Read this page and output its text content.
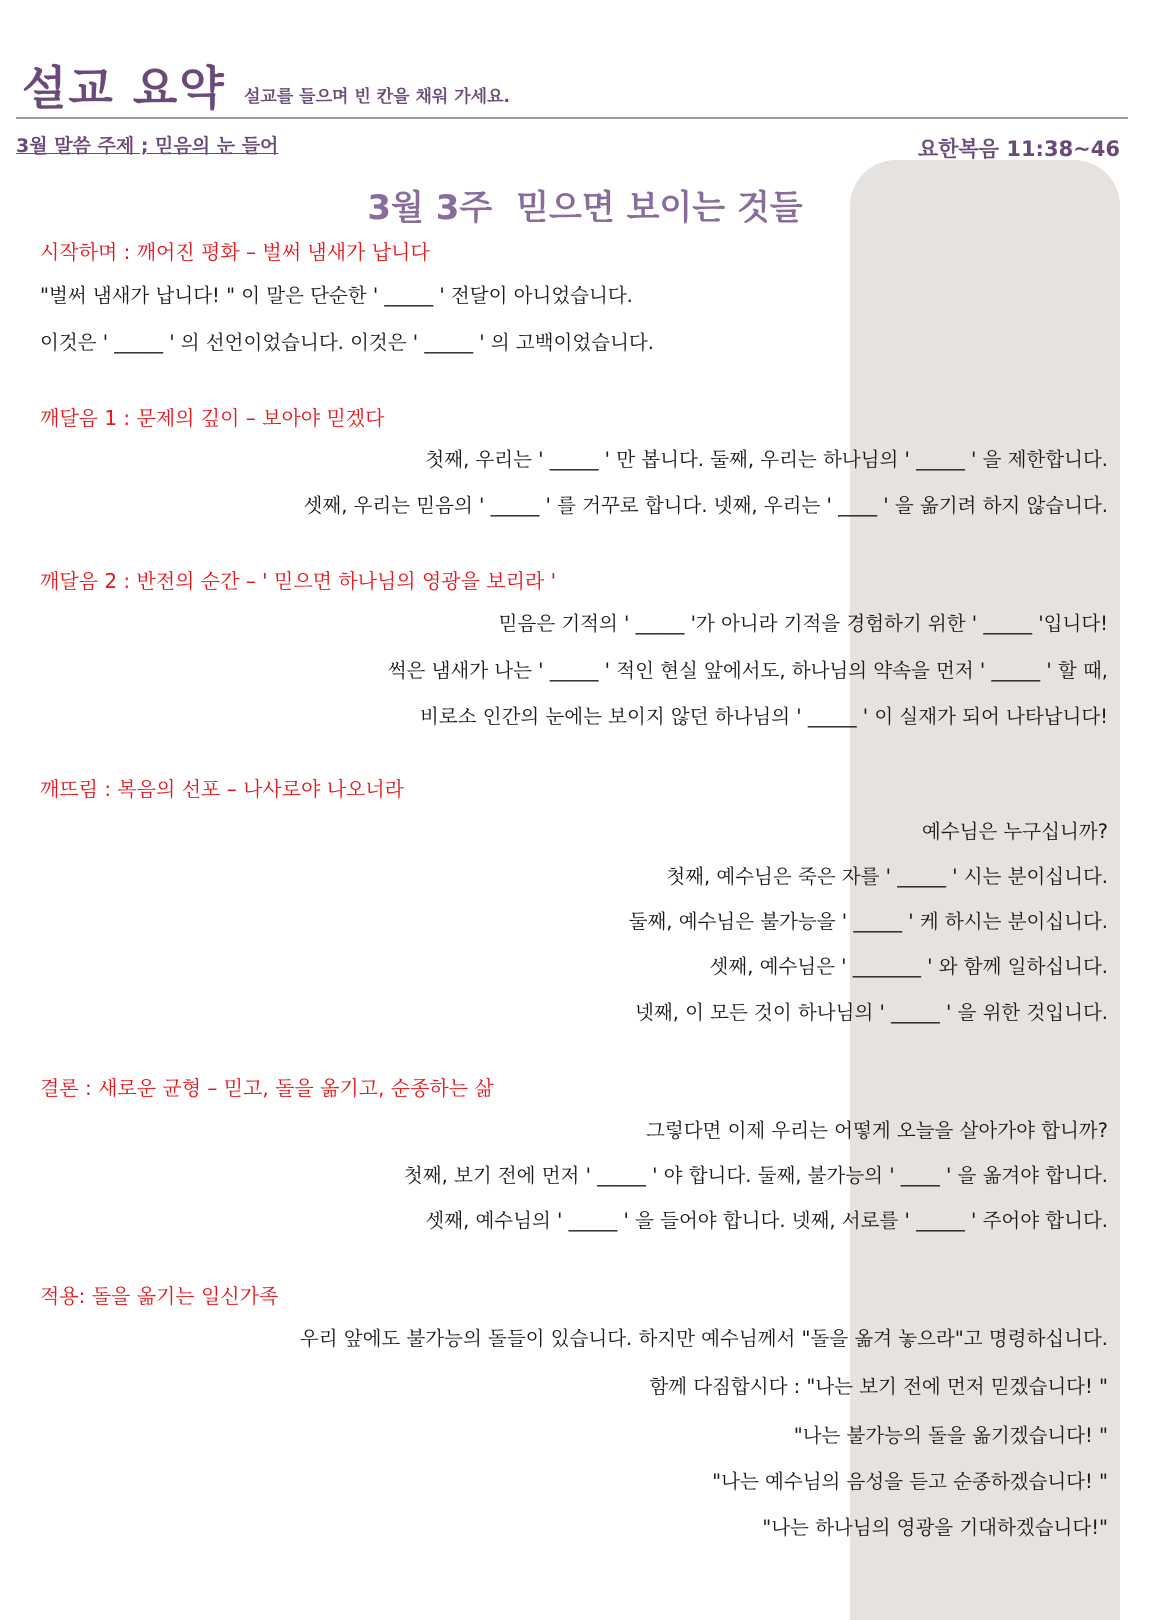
설교 요약 설교를 들으며 빈 칸을 채워 가세요.
3월 말씀 주제 ; 믿음의 눈 들어	요한복음 11:38~46
3월 3주 믿으면 보이는 것들
시작하며 : 깨어진 평화 – 벌써 냄새가 납니다
"벌써 냄새가 납니다! " 이 말은 단순한 ' _____ ' 전달이 아니었습니다.
이것은 ' _____ ' 의 선언이었습니다. 이것은 ' _____ ' 의 고백이었습니다.
깨달음 1 : 문제의 깊이 – 보아야 믿겠다
첫째, 우리는 ' _____ ' 만 봅니다. 둘째, 우리는 하나님의 ' _____ ' 을 제한합니다.
셋째, 우리는 믿음의 ' _____ ' 를 거꾸로 합니다. 넷째, 우리는 ' ____ ' 을 옮기려 하지 않습니다.
깨달음 2 : 반전의 순간 – ' 믿으면 하나님의 영광을 보리라 '
믿음은 기적의 ' _____ '가 아니라 기적을 경험하기 위한 ' _____ '입니다!
썩은 냄새가 나는 ' _____ ' 적인 현실 앞에서도, 하나님의 약속을 먼저 ' _____ ' 할 때,
비로소 인간의 눈에는 보이지 않던 하나님의 ' _____ ' 이 실재가 되어 나타납니다!
깨뜨림 : 복음의 선포 – 나사로야 나오너라
예수님은 누구십니까?
첫째, 예수님은 죽은 자를 ' _____ ' 시는 분이십니다.
둘째, 예수님은 불가능을 ' _____ ' 케 하시는 분이십니다.
셋째, 예수님은 ' _______ ' 와 함께 일하십니다.
넷째, 이 모든 것이 하나님의 ' _____ ' 을 위한 것입니다.
결론 : 새로운 균형 – 믿고, 돌을 옮기고, 순종하는 삶
그렇다면 이제 우리는 어떻게 오늘을 살아가야 합니까?
첫째, 보기 전에 먼저 ' _____ ' 야 합니다. 둘째, 불가능의 ' ____ ' 을 옮겨야 합니다.
셋째, 예수님의 ' _____ ' 을 들어야 합니다. 넷째, 서로를 ' _____ ' 주어야 합니다.
적용: 돌을 옮기는 일신가족
우리 앞에도 불가능의 돌들이 있습니다. 하지만 예수님께서 "돌을 옮겨 놓으라"고 명령하십니다.
함께 다짐합시다 : "나는 보기 전에 먼저 믿겠습니다! "
"나는 불가능의 돌을 옮기겠습니다! "
"나는 예수님의 음성을 듣고 순종하겠습니다! "
"나는 하나님의 영광을 기대하겠습니다!"
